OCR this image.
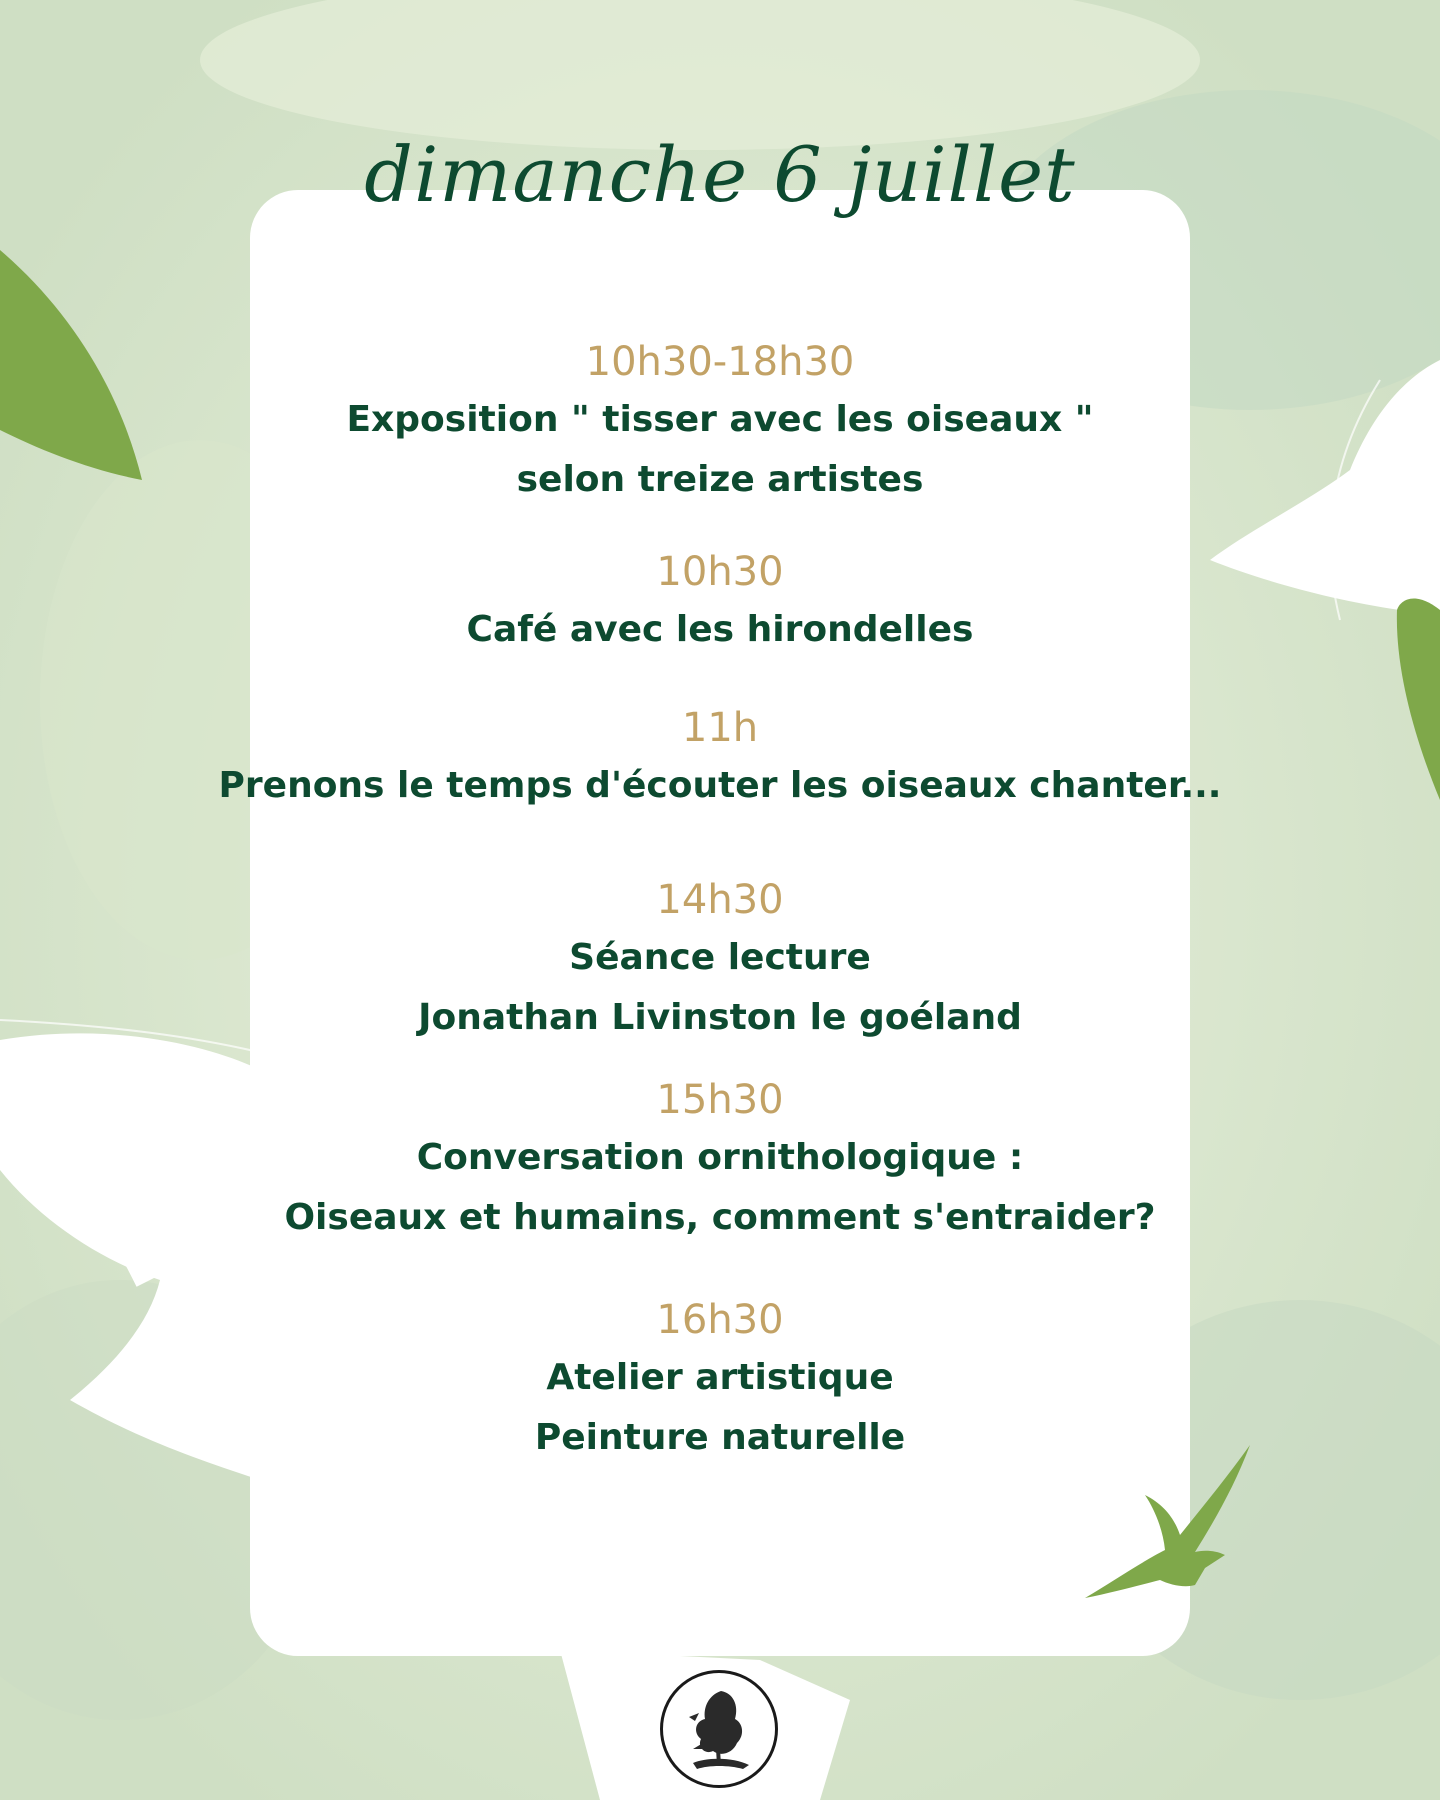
dimanche 6 juillet
10h30-18h30
Exposition " tisser avec les oiseaux "
selon treize artistes
10h30
Café avec les hirondelles
11h
Prenons le temps d'écouter les oiseaux chanter...
14h30
Séance lecture
Jonathan Livinston le goéland
15h30
Conversation ornithologique :
Oiseaux et humains, comment s'entraider?
16h30
Atelier artistique
Peinture naturelle
